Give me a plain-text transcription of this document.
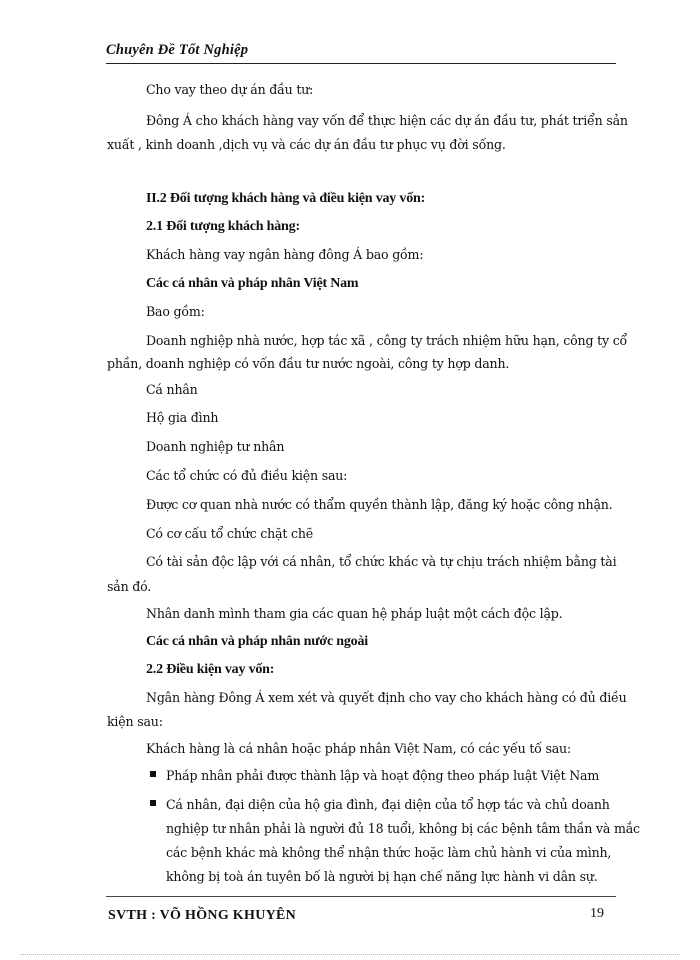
Chuyên Đề Tốt Nghiệp
Cho vay theo dự án đầu tư:
Đông Á cho khách hàng vay vốn để thực hiện các dự án đầu tư, phát triển sản
xuất , kinh doanh ,dịch vụ và các dự án đầu tư phục vụ đời sống.
II.2 Đối tượng khách hàng và điều kiện vay vốn:
2.1 Đối tượng khách hàng:
Khách hàng vay ngân hàng đông Á bao gồm:
Các cá nhân và pháp nhân Việt Nam
Bao gồm:
Doanh nghiệp nhà nước, hợp tác xã , công ty trách nhiệm hữu hạn, công ty cổ
phần, doanh nghiệp có vốn đầu tư nước ngoài, công ty hợp danh.
Cá nhân
Hộ gia đình
Doanh nghiệp tư nhân
Các tổ chức có đủ điều kiện sau:
Được cơ quan nhà nước có thẩm quyền thành lập, đăng ký hoặc công nhận.
Có cơ cấu tổ chức chặt chẽ
Có tài sản độc lập với cá nhân, tổ chức khác và tự chịu trách nhiệm bằng tài
sản đó.
Nhân danh mình tham gia các quan hệ pháp luật một cách độc lập.
Các cá nhân và pháp nhân nước ngoài
2.2 Điều kiện vay vốn:
Ngân hàng Đông Á xem xét và quyết định cho vay cho khách hàng có đủ điều
kiện sau:
Khách hàng là cá nhân hoặc pháp nhân Việt Nam, có các yếu tố sau:
Pháp nhân phải được thành lập và hoạt động theo pháp luật Việt Nam
Cá nhân, đại diện của hộ gia đình, đại diện của tổ hợp tác và chủ doanh
nghiệp tư nhân phải là người đủ 18 tuổi, không bị các bệnh tâm thần và mắc
các bệnh khác mà không thể nhận thức hoặc làm chủ hành vi của mình,
không bị toà án tuyên bố là người bị hạn chế năng lực hành vi dân sự.
SVTH : VÕ HỒNG KHUYÊN	19
